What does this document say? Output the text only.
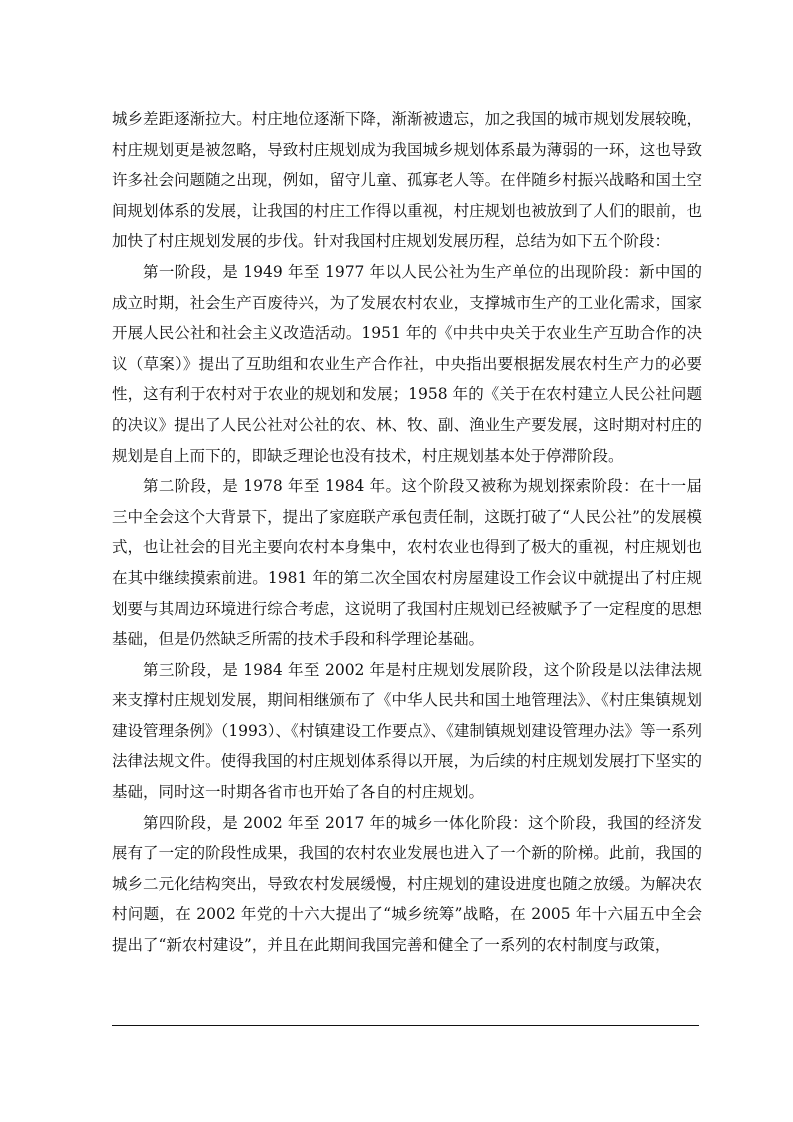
城乡差距逐渐拉大。村庄地位逐渐下降，渐渐被遗忘，加之我国的城市规划发展较晚，村庄规划更是被忽略，导致村庄规划成为我国城乡规划体系最为薄弱的一环，这也导致许多社会问题随之出现，例如，留守儿童、孤寡老人等。在伴随乡村振兴战略和国土空间规划体系的发展，让我国的村庄工作得以重视，村庄规划也被放到了人们的眼前，也加快了村庄规划发展的步伐。针对我国村庄规划发展历程，总结为如下五个阶段：

第一阶段，是 1949 年至 1977 年以人民公社为生产单位的出现阶段：新中国的成立时期，社会生产百废待兴，为了发展农村农业，支撑城市生产的工业化需求，国家开展人民公社和社会主义改造活动。1951 年的《中共中央关于农业生产互助合作的决议（草案）》提出了互助组和农业生产合作社，中央指出要根据发展农村生产力的必要性，这有利于农村对于农业的规划和发展；1958 年的《关于在农村建立人民公社问题的决议》提出了人民公社对公社的农、林、牧、副、渔业生产要发展，这时期对村庄的规划是自上而下的，即缺乏理论也没有技术，村庄规划基本处于停滞阶段。

第二阶段，是 1978 年至 1984 年。这个阶段又被称为规划探索阶段：在十一届三中全会这个大背景下，提出了家庭联产承包责任制，这既打破了“人民公社”的发展模式，也让社会的目光主要向农村本身集中，农村农业也得到了极大的重视，村庄规划也在其中继续摸索前进。1981 年的第二次全国农村房屋建设工作会议中就提出了村庄规划要与其周边环境进行综合考虑，这说明了我国村庄规划已经被赋予了一定程度的思想基础，但是仍然缺乏所需的技术手段和科学理论基础。

第三阶段，是 1984 年至 2002 年是村庄规划发展阶段，这个阶段是以法律法规来支撑村庄规划发展，期间相继颁布了《中华人民共和国土地管理法》、《村庄集镇规划建设管理条例》（1993）、《村镇建设工作要点》、《建制镇规划建设管理办法》等一系列法律法规文件。使得我国的村庄规划体系得以开展，为后续的村庄规划发展打下坚实的基础，同时这一时期各省市也开始了各自的村庄规划。

第四阶段，是 2002 年至 2017 年的城乡一体化阶段：这个阶段，我国的经济发展有了一定的阶段性成果，我国的农村农业发展也进入了一个新的阶梯。此前，我国的城乡二元化结构突出，导致农村发展缓慢，村庄规划的建设进度也随之放缓。为解决农村问题，在 2002 年党的十六大提出了“城乡统筹”战略，在 2005 年十六届五中全会提出了“新农村建设”，并且在此期间我国完善和健全了一系列的农村制度与政策，
